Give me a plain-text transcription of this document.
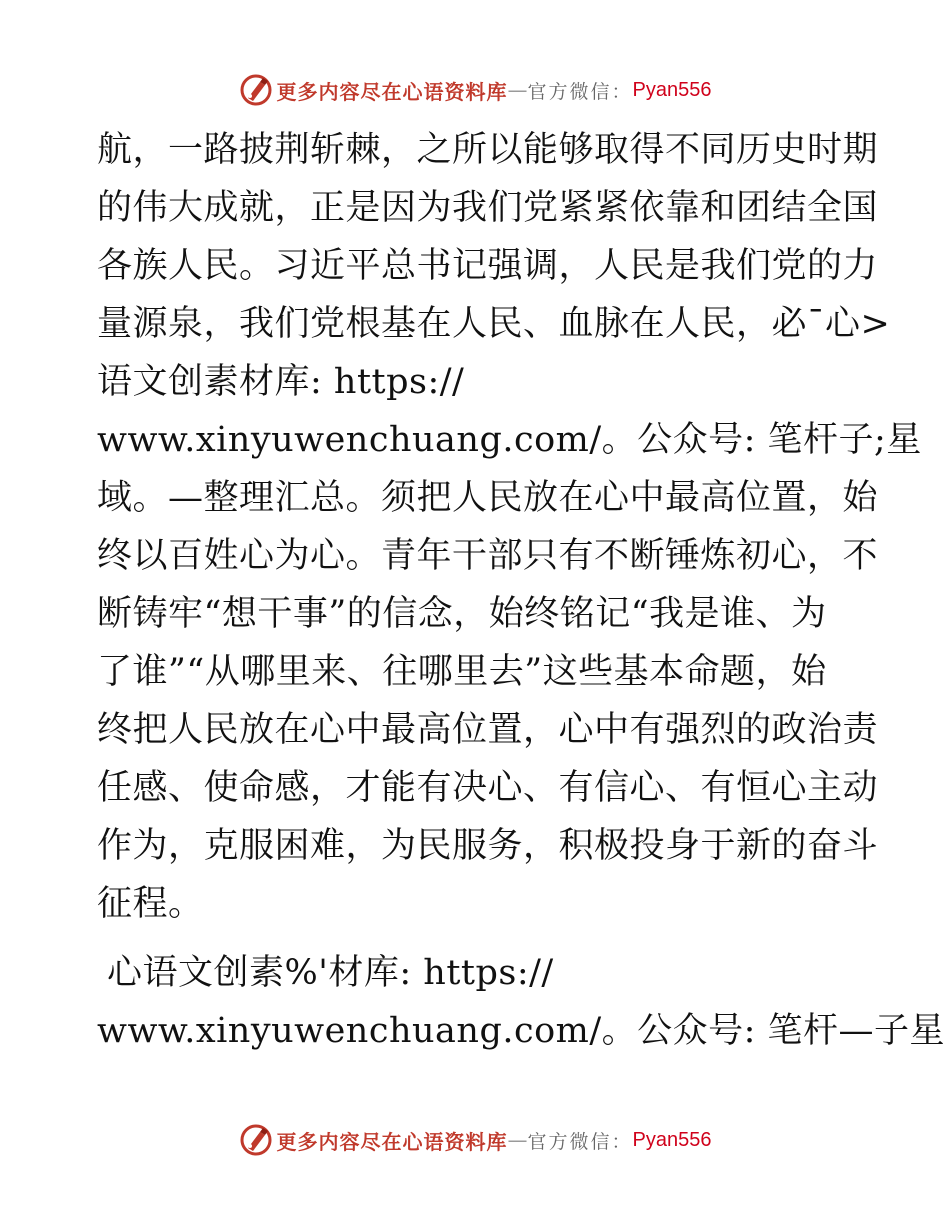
更多内容尽在心语资料库 — 官方微信： Pyan556
航，一路披荆斩棘，之所以能够取得不同历史时期
的伟大成就，正是因为我们党紧紧依靠和团结全国
各族人民。习近平总书记强调，人民是我们党的力
量源泉，我们党根基在人民、血脉在人民，必¯心>
语文创素材库: https://
www.xinyuwenchuang.com/。公众号: 笔杆子;星
域。—整理汇总。须把人民放在心中最高位置，始
终以百姓心为心。青年干部只有不断锤炼初心，不
断铸牢“想干事”的信念，始终铭记“我是谁、为
了谁”“从哪里来、往哪里去”这些基本命题，始
终把人民放在心中最高位置，心中有强烈的政治责
任感、使命感，才能有决心、有信心、有恒心主动
作为，克服困难，为民服务，积极投身于新的奋斗
征程。
心语文创素%'材库: https://
www.xinyuwenchuang.com/。公众号: 笔杆—子星
更多内容尽在心语资料库 — 官方微信： Pyan556
